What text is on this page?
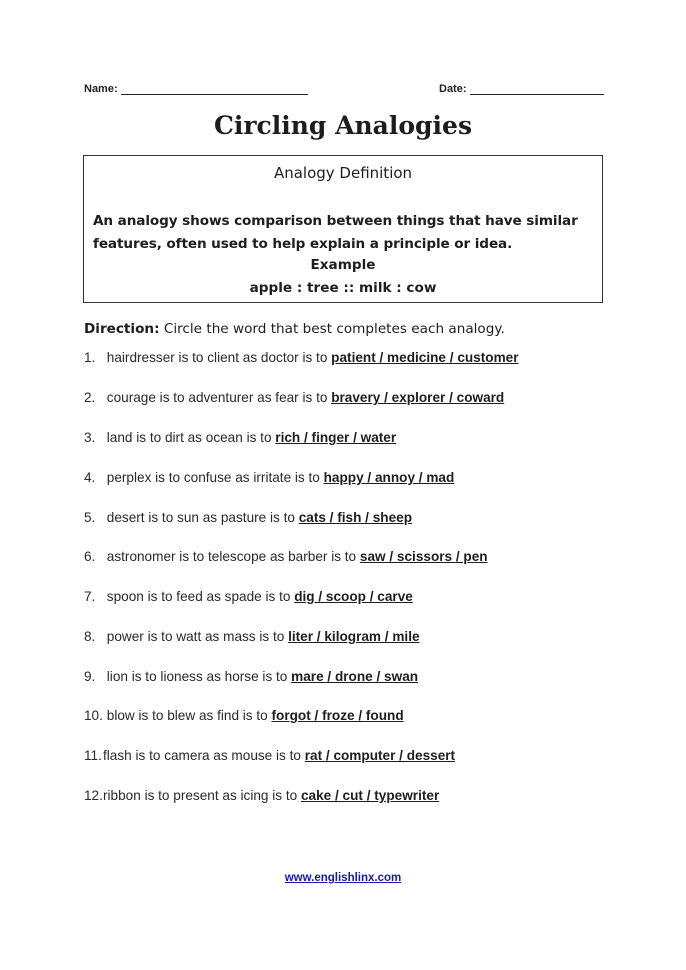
Name:	Date:
Circling Analogies
Analogy Definition
An analogy shows comparison between things that have similar features, often used to help explain a principle or idea.
Example
apple : tree :: milk : cow
Direction: Circle the word that best completes each analogy.
1. hairdresser is to client as doctor is to patient / medicine / customer
2. courage is to adventurer as fear is to bravery / explorer / coward
3. land is to dirt as ocean is to rich / finger / water
4. perplex is to confuse as irritate is to happy / annoy / mad
5. desert is to sun as pasture is to cats / fish / sheep
6. astronomer is to telescope as barber is to saw / scissors / pen
7. spoon is to feed as spade is to dig / scoop / carve
8. power is to watt as mass is to liter / kilogram / mile
9. lion is to lioness as horse is to mare / drone / swan
10. blow is to blew as find is to forgot / froze / found
11.flash is to camera as mouse is to rat / computer / dessert
12.ribbon is to present as icing is to cake / cut / typewriter
www.englishlinx.com
